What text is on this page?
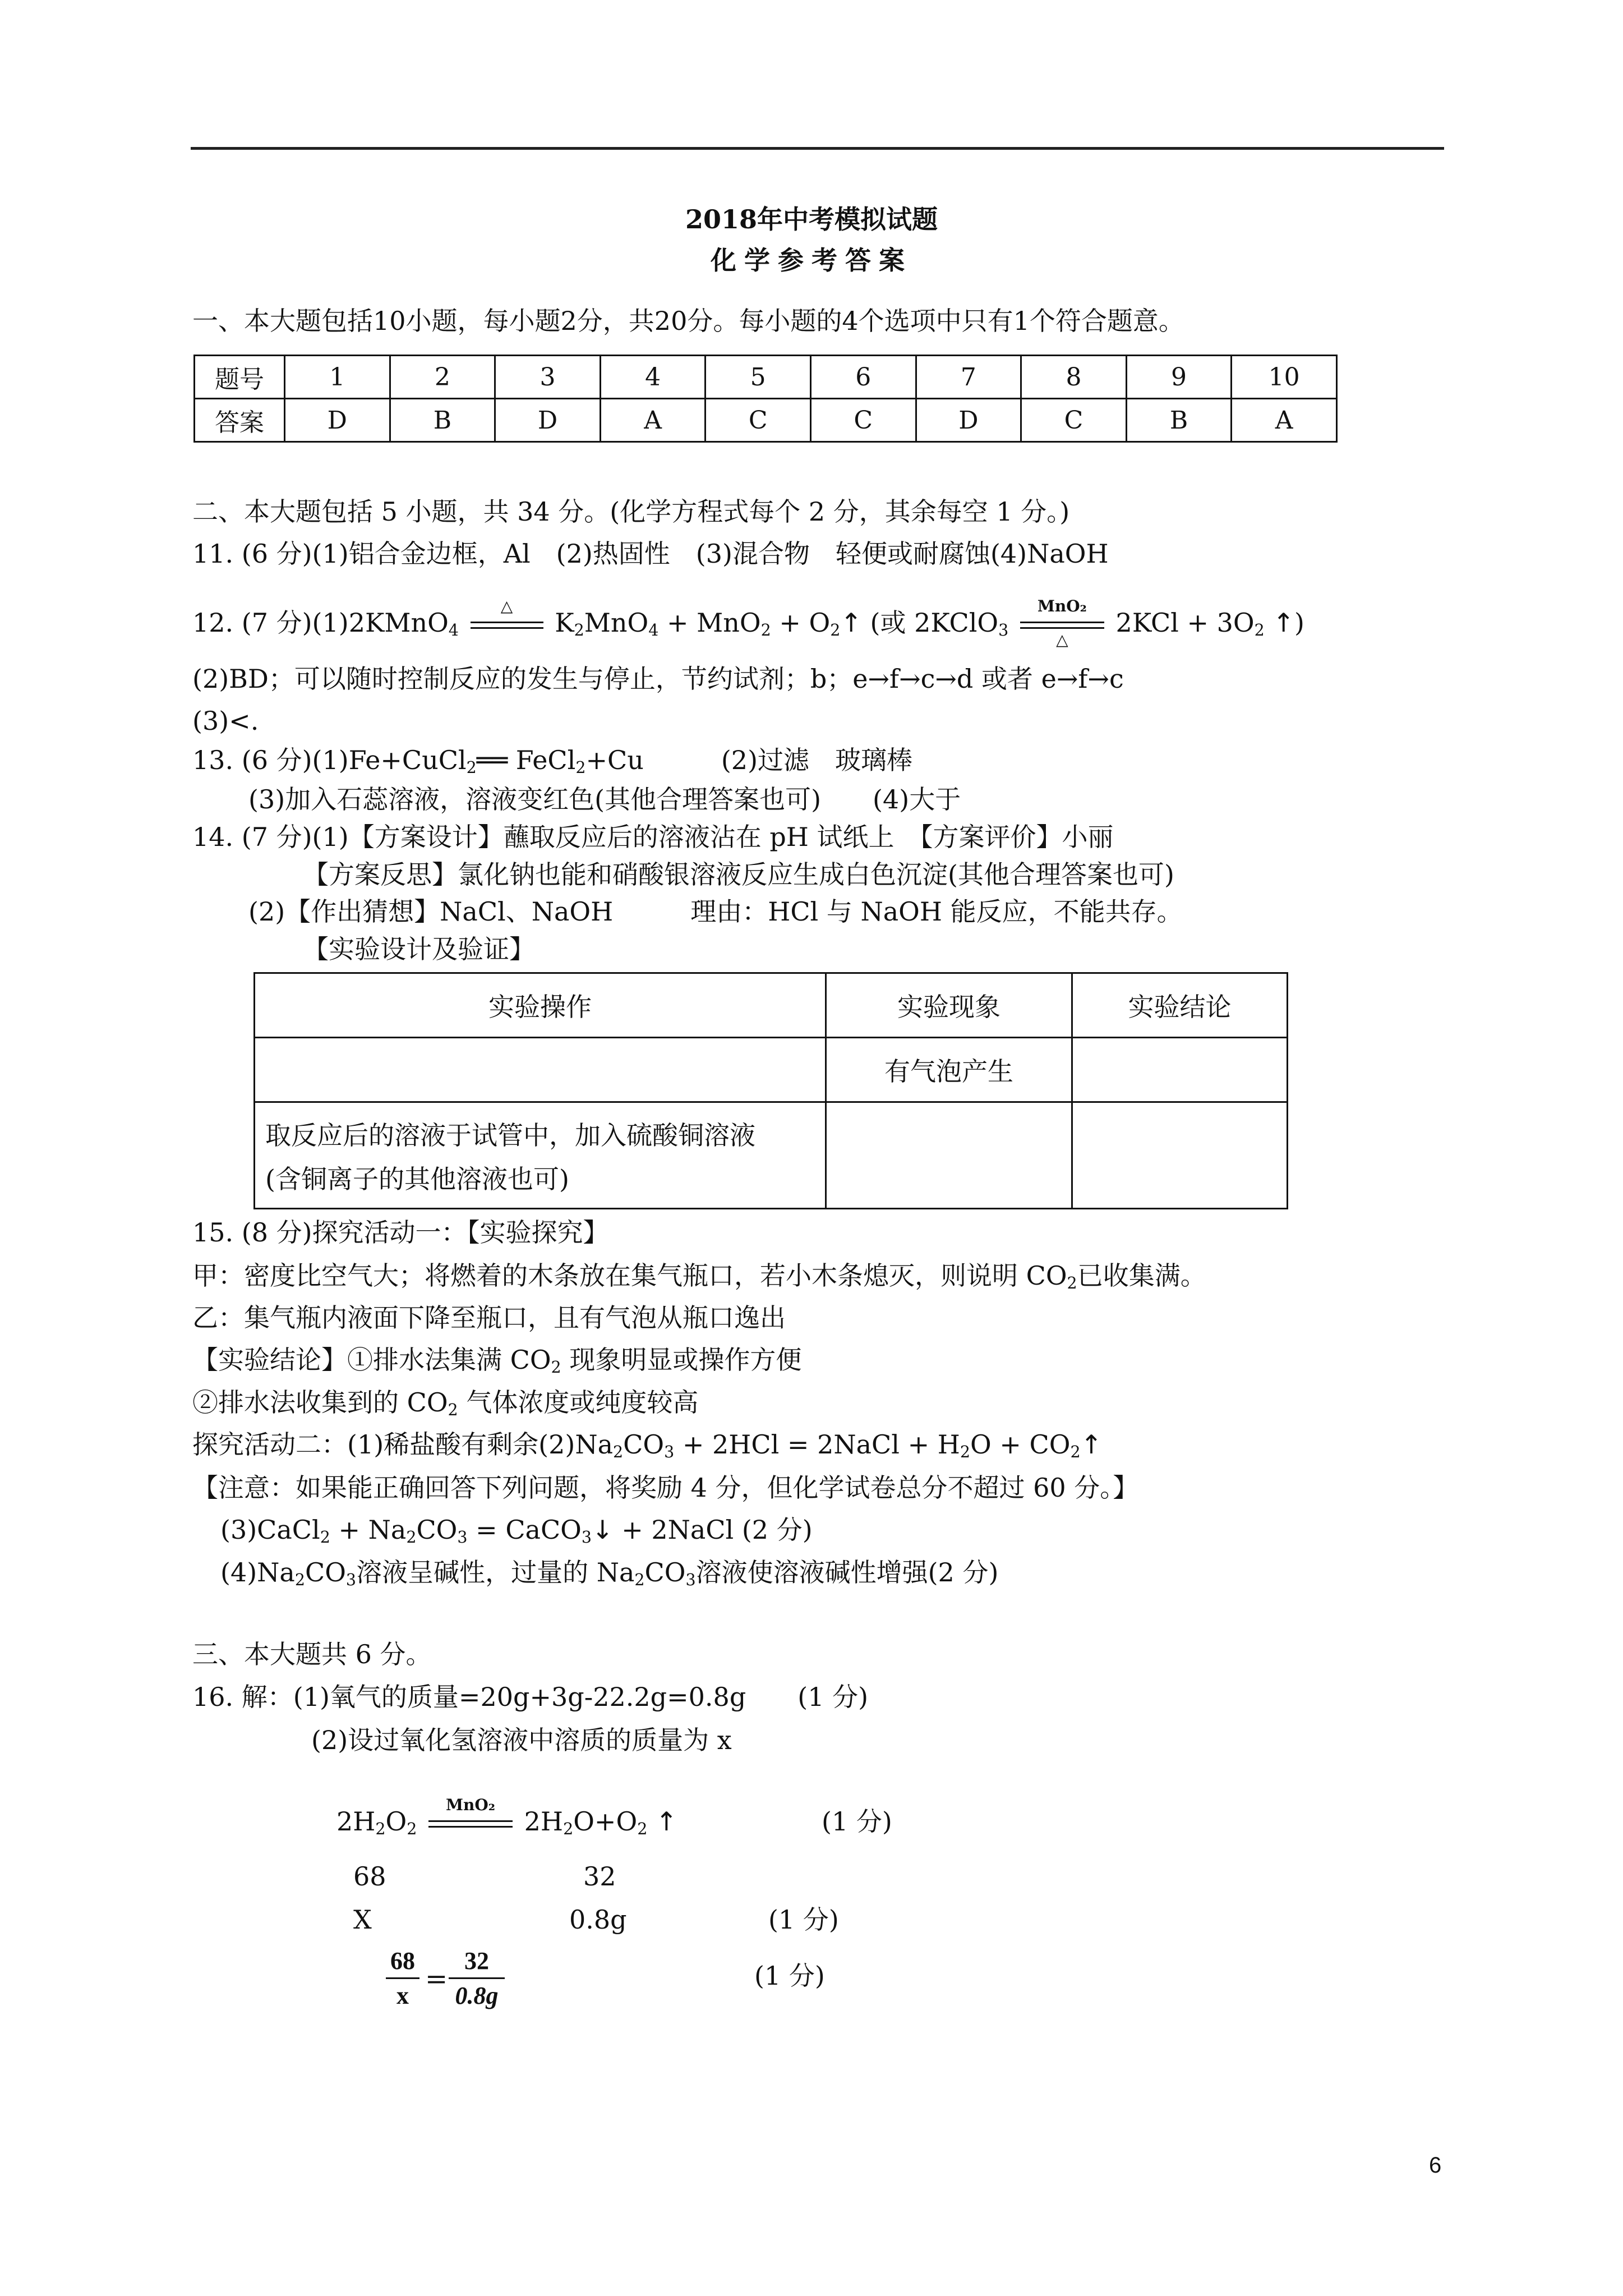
2018年中考模拟试题
化学参考答案
一、本大题包括10小题，每小题2分，共20分。每小题的4个选项中只有1个符合题意。
题号	1	2	3	4	5	6	7	8	9	10
答案	D	B	D	A	C	C	D	C	B	A
二、本大题包括 5 小题，共 34 分。(化学方程式每个 2 分，其余每空 1 分。)
11. (6 分)(1)铝合金边框，Al　(2)热固性　(3)混合物　轻便或耐腐蚀(4)NaOH
12. (7 分)(1)2KMnO$_4$
△
$K_2MnO_4 + MnO_2$ + $O_2↑$ (或 2KClO$_3$
MnO₂
△
$2KCl + 3O_2$ ↑)
(2)BD；可以随时控制反应的发生与停止，节约试剂；b；e→f→c→d 或者 e→f→c
(3)<.
13. (6 分)(1)Fe+CuCl$_2$══ FeCl$_2$+Cu　　　(2)过滤　玻璃棒
(3)加入石蕊溶液，溶液变红色(其他合理答案也可)　　(4)大于
14. (7 分)(1)【方案设计】蘸取反应后的溶液沾在 pH 试纸上　【方案评价】小丽
【方案反思】氯化钠也能和硝酸银溶液反应生成白色沉淀(其他合理答案也可)
(2)【作出猜想】NaCl、NaOH　　　理由：HCl 与 NaOH 能反应，不能共存。
【实验设计及验证】
实验操作	实验现象	实验结论
	有气泡产生	

取反应后的溶液于试管中，加入硫酸铜溶液
(含铜离子的其他溶液也可)		

15. (8 分)探究活动一：【实验探究】
甲：密度比空气大；将燃着的木条放在集气瓶口，若小木条熄灭，则说明 $CO_2$已收集满。
乙：集气瓶内液面下降至瓶口，且有气泡从瓶口逸出
【实验结论】①排水法集满 $CO_2$ 现象明显或操作方便
②排水法收集到的 $CO_2$ 气体浓度或纯度较高
探究活动二：(1)稀盐酸有剩余$(2)Na_2CO_3 + 2HCl$ = 2NaCl + $H_2O$ + $CO_2↑$
【注意：如果能正确回答下列问题，将奖励 4 分，但化学试卷总分不超过 60 分。】
(3)CaCl$_2$ + $Na_2CO_3$ = CaCO$_3$↓ + 2NaCl (2 分)
$(4)Na_2CO_3$溶液呈碱性，过量的 $Na_2CO_3$溶液使溶液碱性增强(2 分)
三、本大题共 6 分。
16. 解：(1)氧气的质量=20g+3g-22.2g=0.8g　　(1 分)
(2)设过氧化氢溶液中溶质的质量为 x
$2H_2O_2$
MnO₂
$2H_2O+O_2$ ↑	(1 分)
68	32
X	0.8g	(1 分)
68
x
=
32
0.8g
(1 分)
6
